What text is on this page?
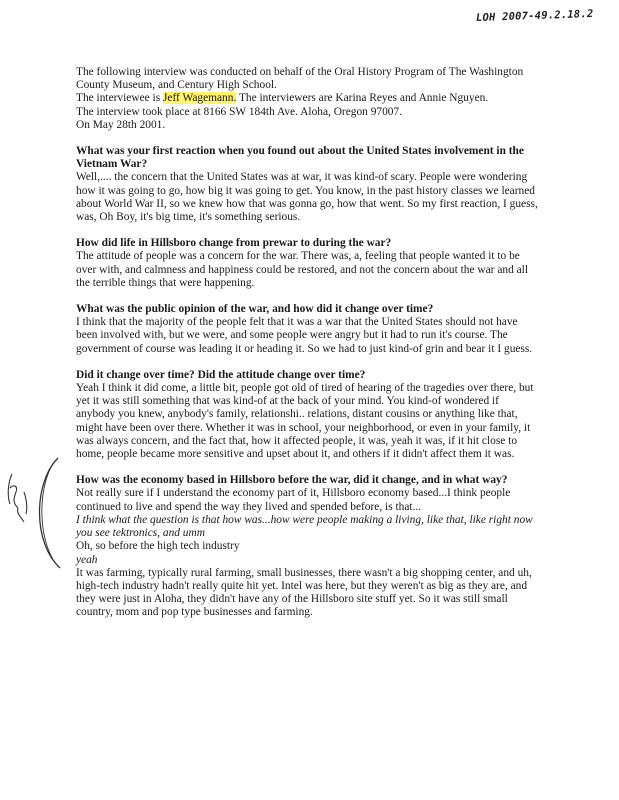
LOH 2007-49.2.18.2

The following interview was conducted on behalf of the Oral History Program of The Washington County Museum, and Century High School.

The interviewee is Jeff Wagemann. The interviewers are Karina Reyes and Annie Nguyen.

The interview took place at 8166 SW 184th Ave. Aloha, Oregon 97007.

On May 28th 2001.

What was your first reaction when you found out about the United States involvement in the Vietnam War?

Well,.... the concern that the United States was at war, it was kind-of scary. People were wondering how it was going to go, how big it was going to get. You know, in the past history classes we learned about World War II, so we knew how that was gonna go, how that went. So my first reaction, I guess, was, Oh Boy, it's big time, it's something serious.

How did life in Hillsboro change from prewar to during the war?

The attitude of people was a concern for the war. There was, a, feeling that people wanted it to be over with, and calmness and happiness could be restored, and not the concern about the war and all the terrible things that were happening.

What was the public opinion of the war, and how did it change over time?

I think that the majority of the people felt that it was a war that the United States should not have been involved with, but we were, and some people were angry but it had to run it's course. The government of course was leading it or heading it. So we had to just kind-of grin and bear it I guess.

Did it change over time? Did the attitude change over time?

Yeah I think it did come, a little bit, people got old of tired of hearing of the tragedies over there, but yet it was still something that was kind-of at the back of your mind. You kind-of wondered if anybody you knew, anybody's family, relationshi.. relations, distant cousins or anything like that, might have been over there. Whether it was in school, your neighborhood, or even in your family, it was always concern, and the fact that, how it affected people, it was, yeah it was, if it hit close to home, people became more sensitive and upset about it, and others if it didn't affect them it was.

How was the economy based in Hillsboro before the war, did it change, and in what way?

Not really sure if I understand the economy part of it, Hillsboro economy based...I think people continued to live and spend the way they lived and spended before, is that...

I think what the question is that how was...how were people making a living, like that, like right now you see tektronics, and umm

Oh, so before the high tech industry

yeah

It was farming, typically rural farming, small businesses, there wasn't a big shopping center, and uh, high-tech industry hadn't really quite hit yet. Intel was here, but they weren't as big as they are, and they were just in Aloha, they didn't have any of the Hillsboro site stuff yet. So it was still small country, mom and pop type businesses and farming.
